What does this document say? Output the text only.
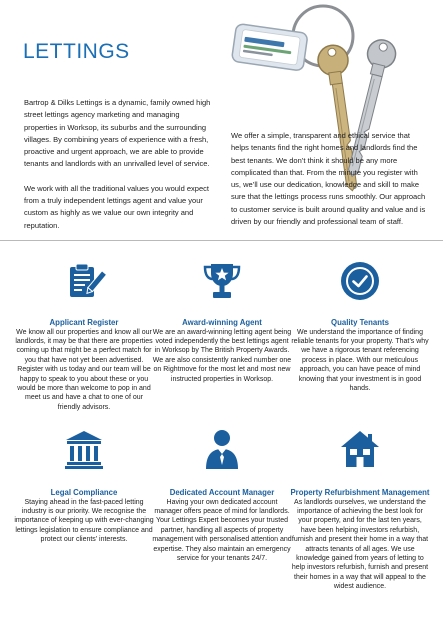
LETTINGS

Bartrop & Dilks Lettings is a dynamic, family owned high street lettings agency marketing and managing properties in Worksop, its suburbs and the surrounding villages. By combining years of experience with a fresh, proactive and urgent approach, we are able to provide tenants and landlords with an unrivalled level of service.

We work with all the traditional values you would expect from a truly independent lettings agent and value your custom as highly as we value our own integrity and reputation.

We offer a simple, transparent and ethical service that helps tenants find the right homes and landlords find the best tenants. We don’t think it should be any more complicated than that. From the minute you register with us, we’ll use our dedication, knowledge and skill to make sure that the lettings process runs smoothly. Our approach to customer service is built around quality and value and is driven by our friendly and professional team of staff.

Applicant Register

We know all our properties and know all our landlords, it may be that there are properties coming up that might be a perfect match for you that have not yet been advertised. Register with us today and our team will be happy to speak to you about these or you would be more than welcome to pop in and meet us and have a chat to one of our friendly advisors.

Award-winning Agent

We are an award-winning letting agent being voted independently the best lettings agent in Worksop by The British Property Awards. We are also consistently ranked number one on Rightmove for the most let and most new instructed properties in Worksop.

Quality Tenants

We understand the importance of finding reliable tenants for your property. That’s why we have a rigorous tenant referencing process in place. With our meticulous approach, you can have peace of mind knowing that your investment is in good hands.

Legal Compliance

Staying ahead in the fast-paced letting industry is our priority. We recognise the importance of keeping up with ever-changing lettings legislation to ensure compliance and protect our clients’ interests.

Dedicated Account Manager

Having your own dedicated account manager offers peace of mind for landlords. Your Lettings Expert becomes your trusted partner, handling all aspects of property management with personalised attention and expertise. They also maintain an emergency service for your tenants 24/7.

Property Refurbishment Management

As landlords ourselves, we understand the importance of achieving the best look for your property, and for the last ten years, have been helping investors refurbish, furnish and present their home in a way that attracts tenants of all ages. We use knowledge gained from years of letting to help investors refurbish, furnish and present their homes in a way that will appeal to the widest audience.
